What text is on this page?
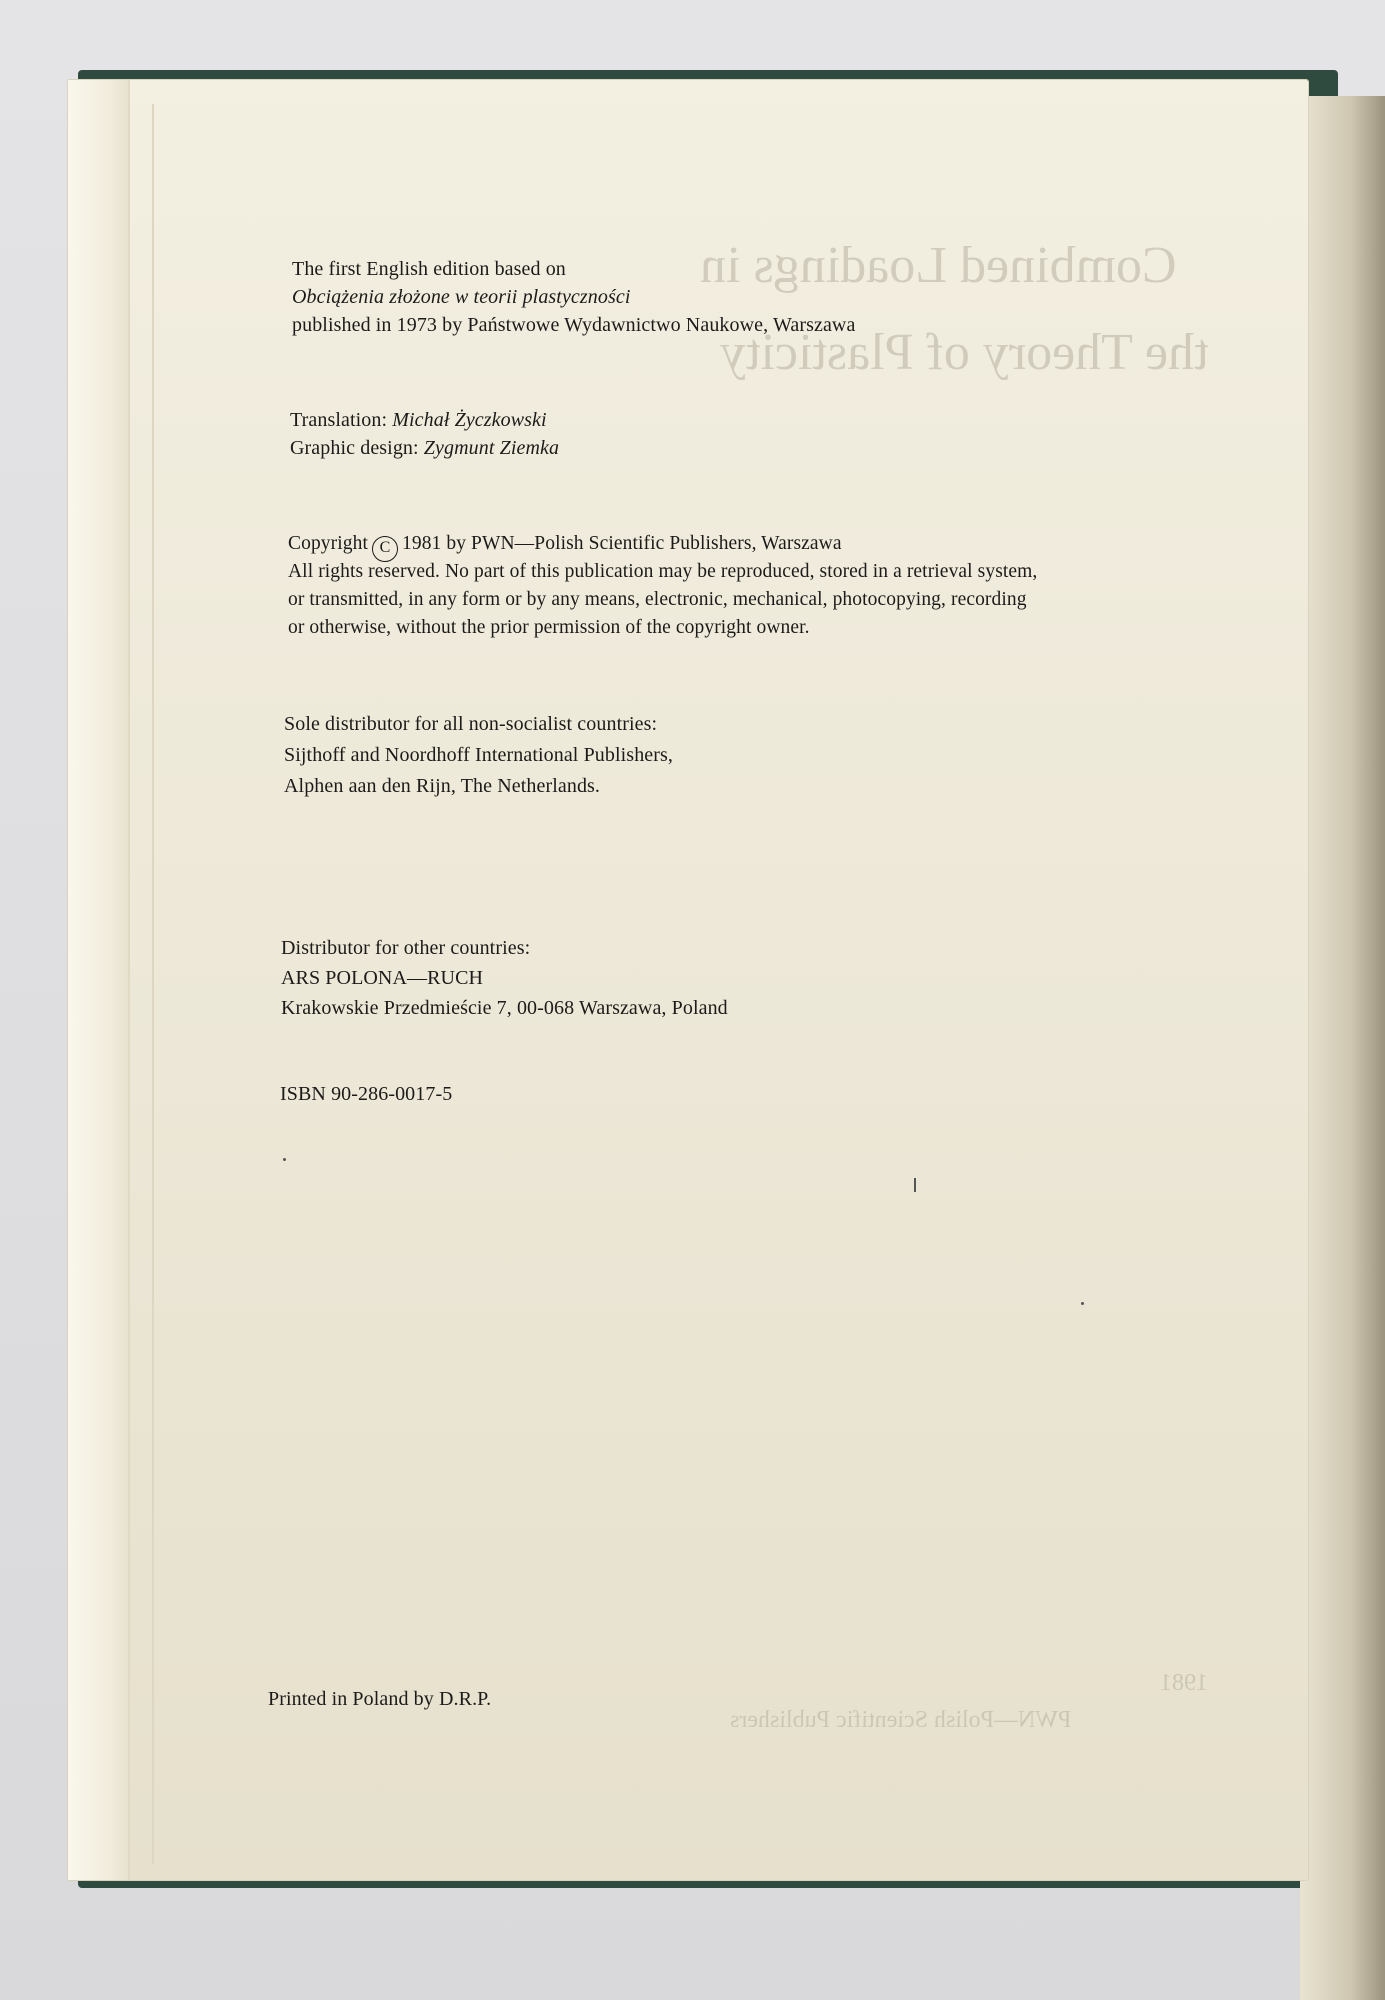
Combined Loadings in
the Theory of Plasticity
1981
PWN—Polish Scientific Publishers
The first English edition based on
Obciążenia złożone w teorii plastyczności
published in 1973 by Państwowe Wydawnictwo Naukowe, Warszawa
Translation: Michał Życzkowski
Graphic design: Zygmunt Ziemka
Copyright C 1981 by PWN—Polish Scientific Publishers, Warszawa
All rights reserved. No part of this publication may be reproduced, stored in a retrieval system,
or transmitted, in any form or by any means, electronic, mechanical, photocopying, recording
or otherwise, without the prior permission of the copyright owner.
Sole distributor for all non-socialist countries:
Sijthoff and Noordhoff International Publishers,
Alphen aan den Rijn, The Netherlands.
Distributor for other countries:
ARS POLONA—RUCH
Krakowskie Przedmieście 7, 00-068 Warszawa, Poland
ISBN 90-286-0017-5
Printed in Poland by D.R.P.
